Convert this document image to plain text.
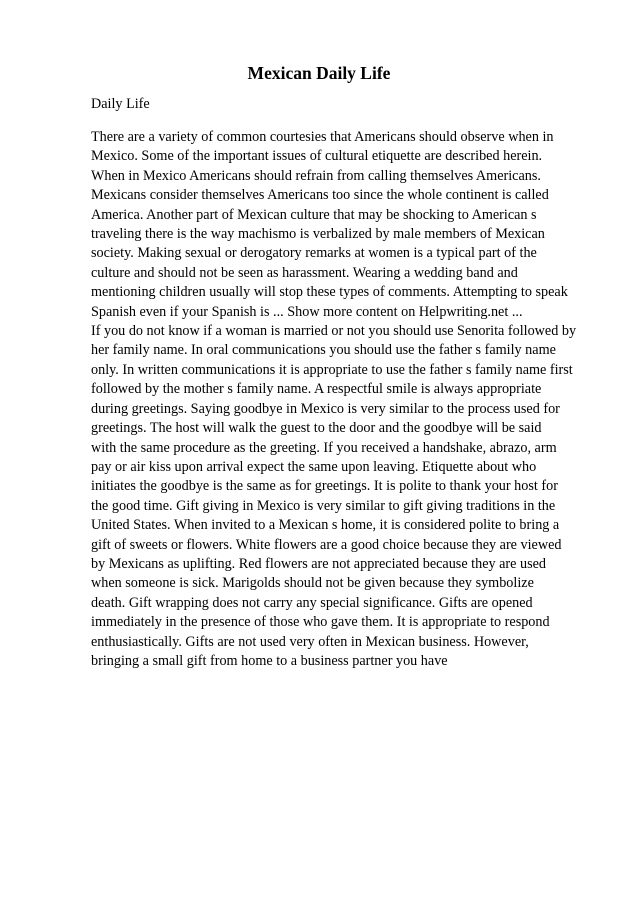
Mexican Daily Life

Daily Life

There are a variety of common courtesies that Americans should observe when in
Mexico. Some of the important issues of cultural etiquette are described herein.
When in Mexico Americans should refrain from calling themselves Americans.
Mexicans consider themselves Americans too since the whole continent is called
America. Another part of Mexican culture that may be shocking to American s
traveling there is the way machismo is verbalized by male members of Mexican
society. Making sexual or derogatory remarks at women is a typical part of the
culture and should not be seen as harassment. Wearing a wedding band and
mentioning children usually will stop these types of comments. Attempting to speak
Spanish even if your Spanish is ... Show more content on Helpwriting.net ...
If you do not know if a woman is married or not you should use Senorita followed by
her family name. In oral communications you should use the father s family name
only. In written communications it is appropriate to use the father s family name first
followed by the mother s family name. A respectful smile is always appropriate
during greetings. Saying goodbye in Mexico is very similar to the process used for
greetings. The host will walk the guest to the door and the goodbye will be said
with the same procedure as the greeting. If you received a handshake, abrazo, arm
pay or air kiss upon arrival expect the same upon leaving. Etiquette about who
initiates the goodbye is the same as for greetings. It is polite to thank your host for
the good time. Gift giving in Mexico is very similar to gift giving traditions in the
United States. When invited to a Mexican s home, it is considered polite to bring a
gift of sweets or flowers. White flowers are a good choice because they are viewed
by Mexicans as uplifting. Red flowers are not appreciated because they are used
when someone is sick. Marigolds should not be given because they symbolize
death. Gift wrapping does not carry any special significance. Gifts are opened
immediately in the presence of those who gave them. It is appropriate to respond
enthusiastically. Gifts are not used very often in Mexican business. However,
bringing a small gift from home to a business partner you have
